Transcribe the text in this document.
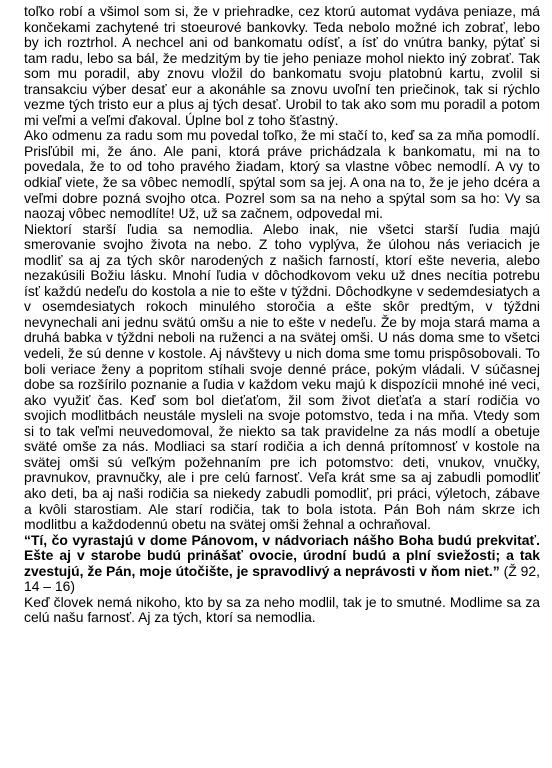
toľko robí a všimol som si, že v priehradke, cez ktorú automat vydáva peniaze, má končekami zachytené tri stoeurové bankovky. Teda nebolo možné ich zobrať, lebo by ich roztrhol. A nechcel ani od bankomatu odísť, a ísť do vnútra banky, pýtať si tam radu, lebo sa bál, že medzitým by tie jeho peniaze mohol niekto iný zobrať. Tak som mu poradil, aby znovu vložil do bankomatu svoju platobnú kartu, zvolil si transakciu výber desať eur a akonáhle sa znovu uvoľní ten priečinok, tak si rýchlo vezme tých tristo eur a plus aj tých desať. Urobil to tak ako som mu poradil a potom mi veľmi a veľmi ďakoval. Úplne bol z toho šťastný.

Ako odmenu za radu som mu povedal toľko, že mi stačí to, keď sa za mňa pomodlí. Prisľúbil mi, že áno. Ale pani, ktorá práve prichádzala k bankomatu, mi na to povedala, že to od toho pravého žiadam, ktorý sa vlastne vôbec nemodlí. A vy to odkiaľ viete, že sa vôbec nemodlí, spýtal som sa jej. A ona na to, že je jeho dcéra a veľmi dobre pozná svojho otca. Pozrel som sa na neho a spýtal som sa ho: Vy sa naozaj vôbec nemodlíte! Už, už sa začnem, odpovedal mi.

Niektorí starší ľudia sa nemodlia. Alebo inak, nie všetci starší ľudia majú smerovanie svojho života na nebo. Z toho vyplýva, že úlohou nás veriacich je modliť sa aj za tých skôr narodených z našich farností, ktorí ešte neveria, alebo nezakúsili Božiu lásku. Mnohí ľudia v dôchodkovom veku už dnes necítia potrebu ísť každú nedeľu do kostola a nie to ešte v týždni. Dôchodkyne v sedemdesiatych a v osemdesiatych rokoch minulého storočia a ešte skôr predtým, v týždni nevynechali ani jednu svätú omšu a nie to ešte v nedeľu. Že by moja stará mama a druhá babka v týždni neboli na ruženci a na svätej omši. U nás doma sme to všetci vedeli, že sú denne v kostole. Aj návštevy u nich doma sme tomu prispôsobovali. To boli veriace ženy a popritom stíhali svoje denné práce, pokým vládali. V súčasnej dobe sa rozšírilo poznanie a ľudia v každom veku majú k dispozícii mnohé iné veci, ako využiť čas. Keď som bol dieťaťom, žil som život dieťaťa a starí rodičia vo svojich modlitbách neustále mysleli na svoje potomstvo, teda i na mňa. Vtedy som si to tak veľmi neuvedomoval, že niekto sa tak pravidelne za nás modlí a obetuje sväté omše za nás. Modliaci sa starí rodičia a ich denná prítomnosť v kostole na svätej omši sú veľkým požehnaním pre ich potomstvo: deti, vnukov, vnučky, pravnukov, pravnučky, ale i pre celú farnosť. Veľa krát sme sa aj zabudli pomodliť ako deti, ba aj naši rodičia sa niekedy zabudli pomodliť, pri práci, výletoch, zábave a kvôli starostiam. Ale starí rodičia, tak to bola istota. Pán Boh nám skrze ich modlitbu a každodennú obetu na svätej omši žehnal a ochraňoval.

“Tí, čo vyrastajú v dome Pánovom, v nádvoriach nášho Boha budú prekvitať. Ešte aj v starobe budú prinášať ovocie, úrodní budú a plní sviežosti; a tak zvestujú, že Pán, moje útočište, je spravodlivý a neprávosti v ňom niet.” (Ž 92, 14 – 16)

Keď človek nemá nikoho, kto by sa za neho modlil, tak je to smutné. Modlime sa za celú našu farnosť. Aj za tých, ktorí sa nemodlia.
